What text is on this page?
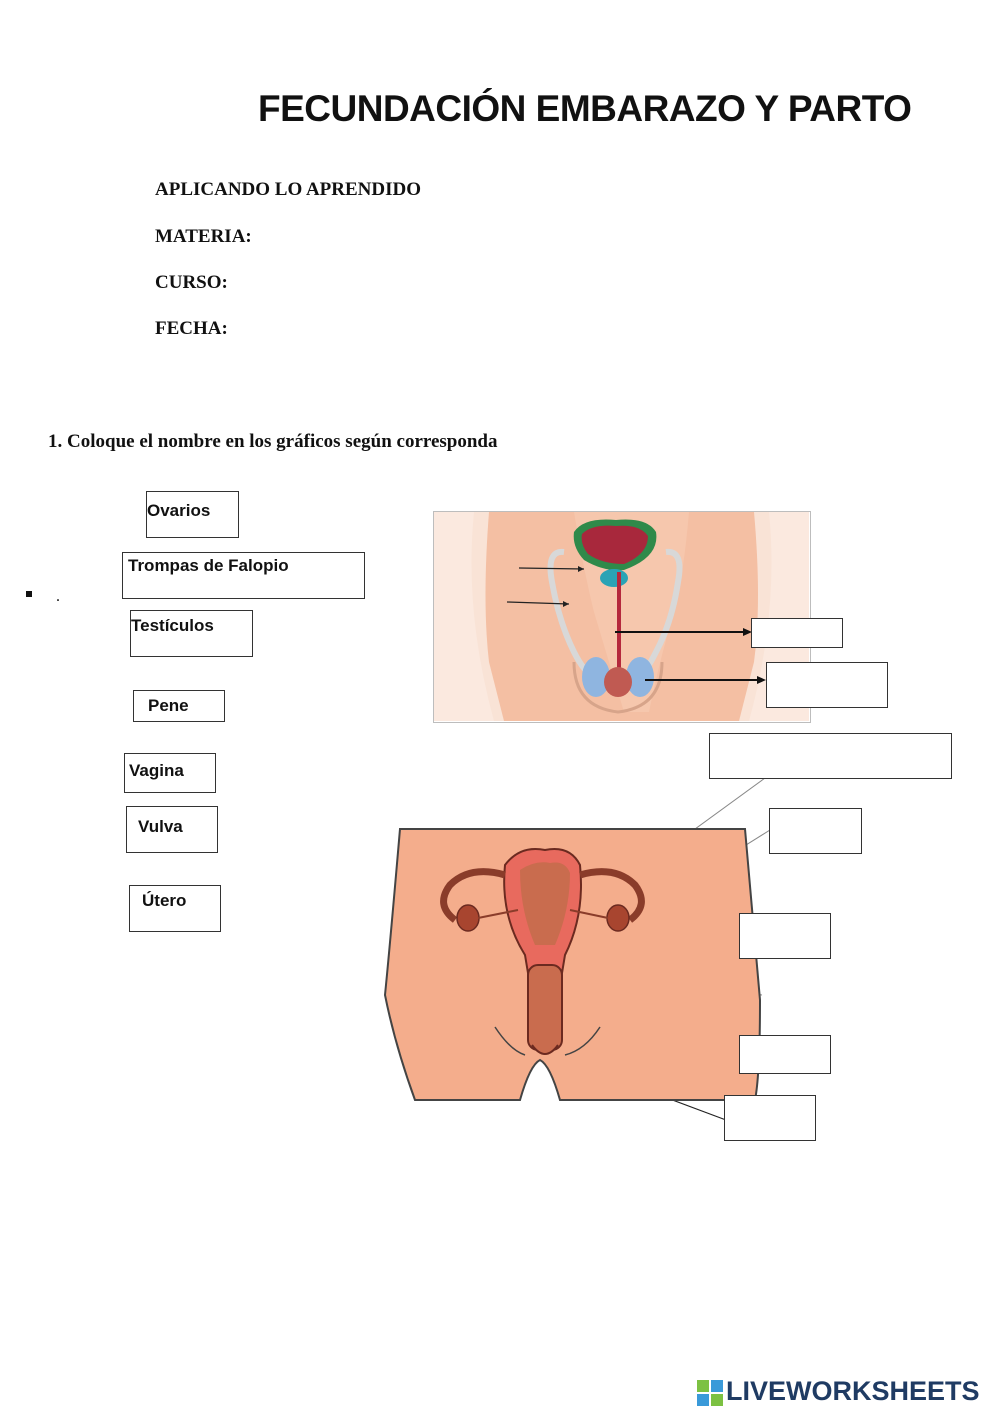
FECUNDACIÓN EMBARAZO Y PARTO
APLICANDO LO APRENDIDO
MATERIA:
CURSO:
FECHA:
1. Coloque el nombre en los gráficos según corresponda
.
Ovarios
Trompas de Falopio
Testículos
Pene
Vagina
Vulva
Útero
LIVEWORKSHEETS
